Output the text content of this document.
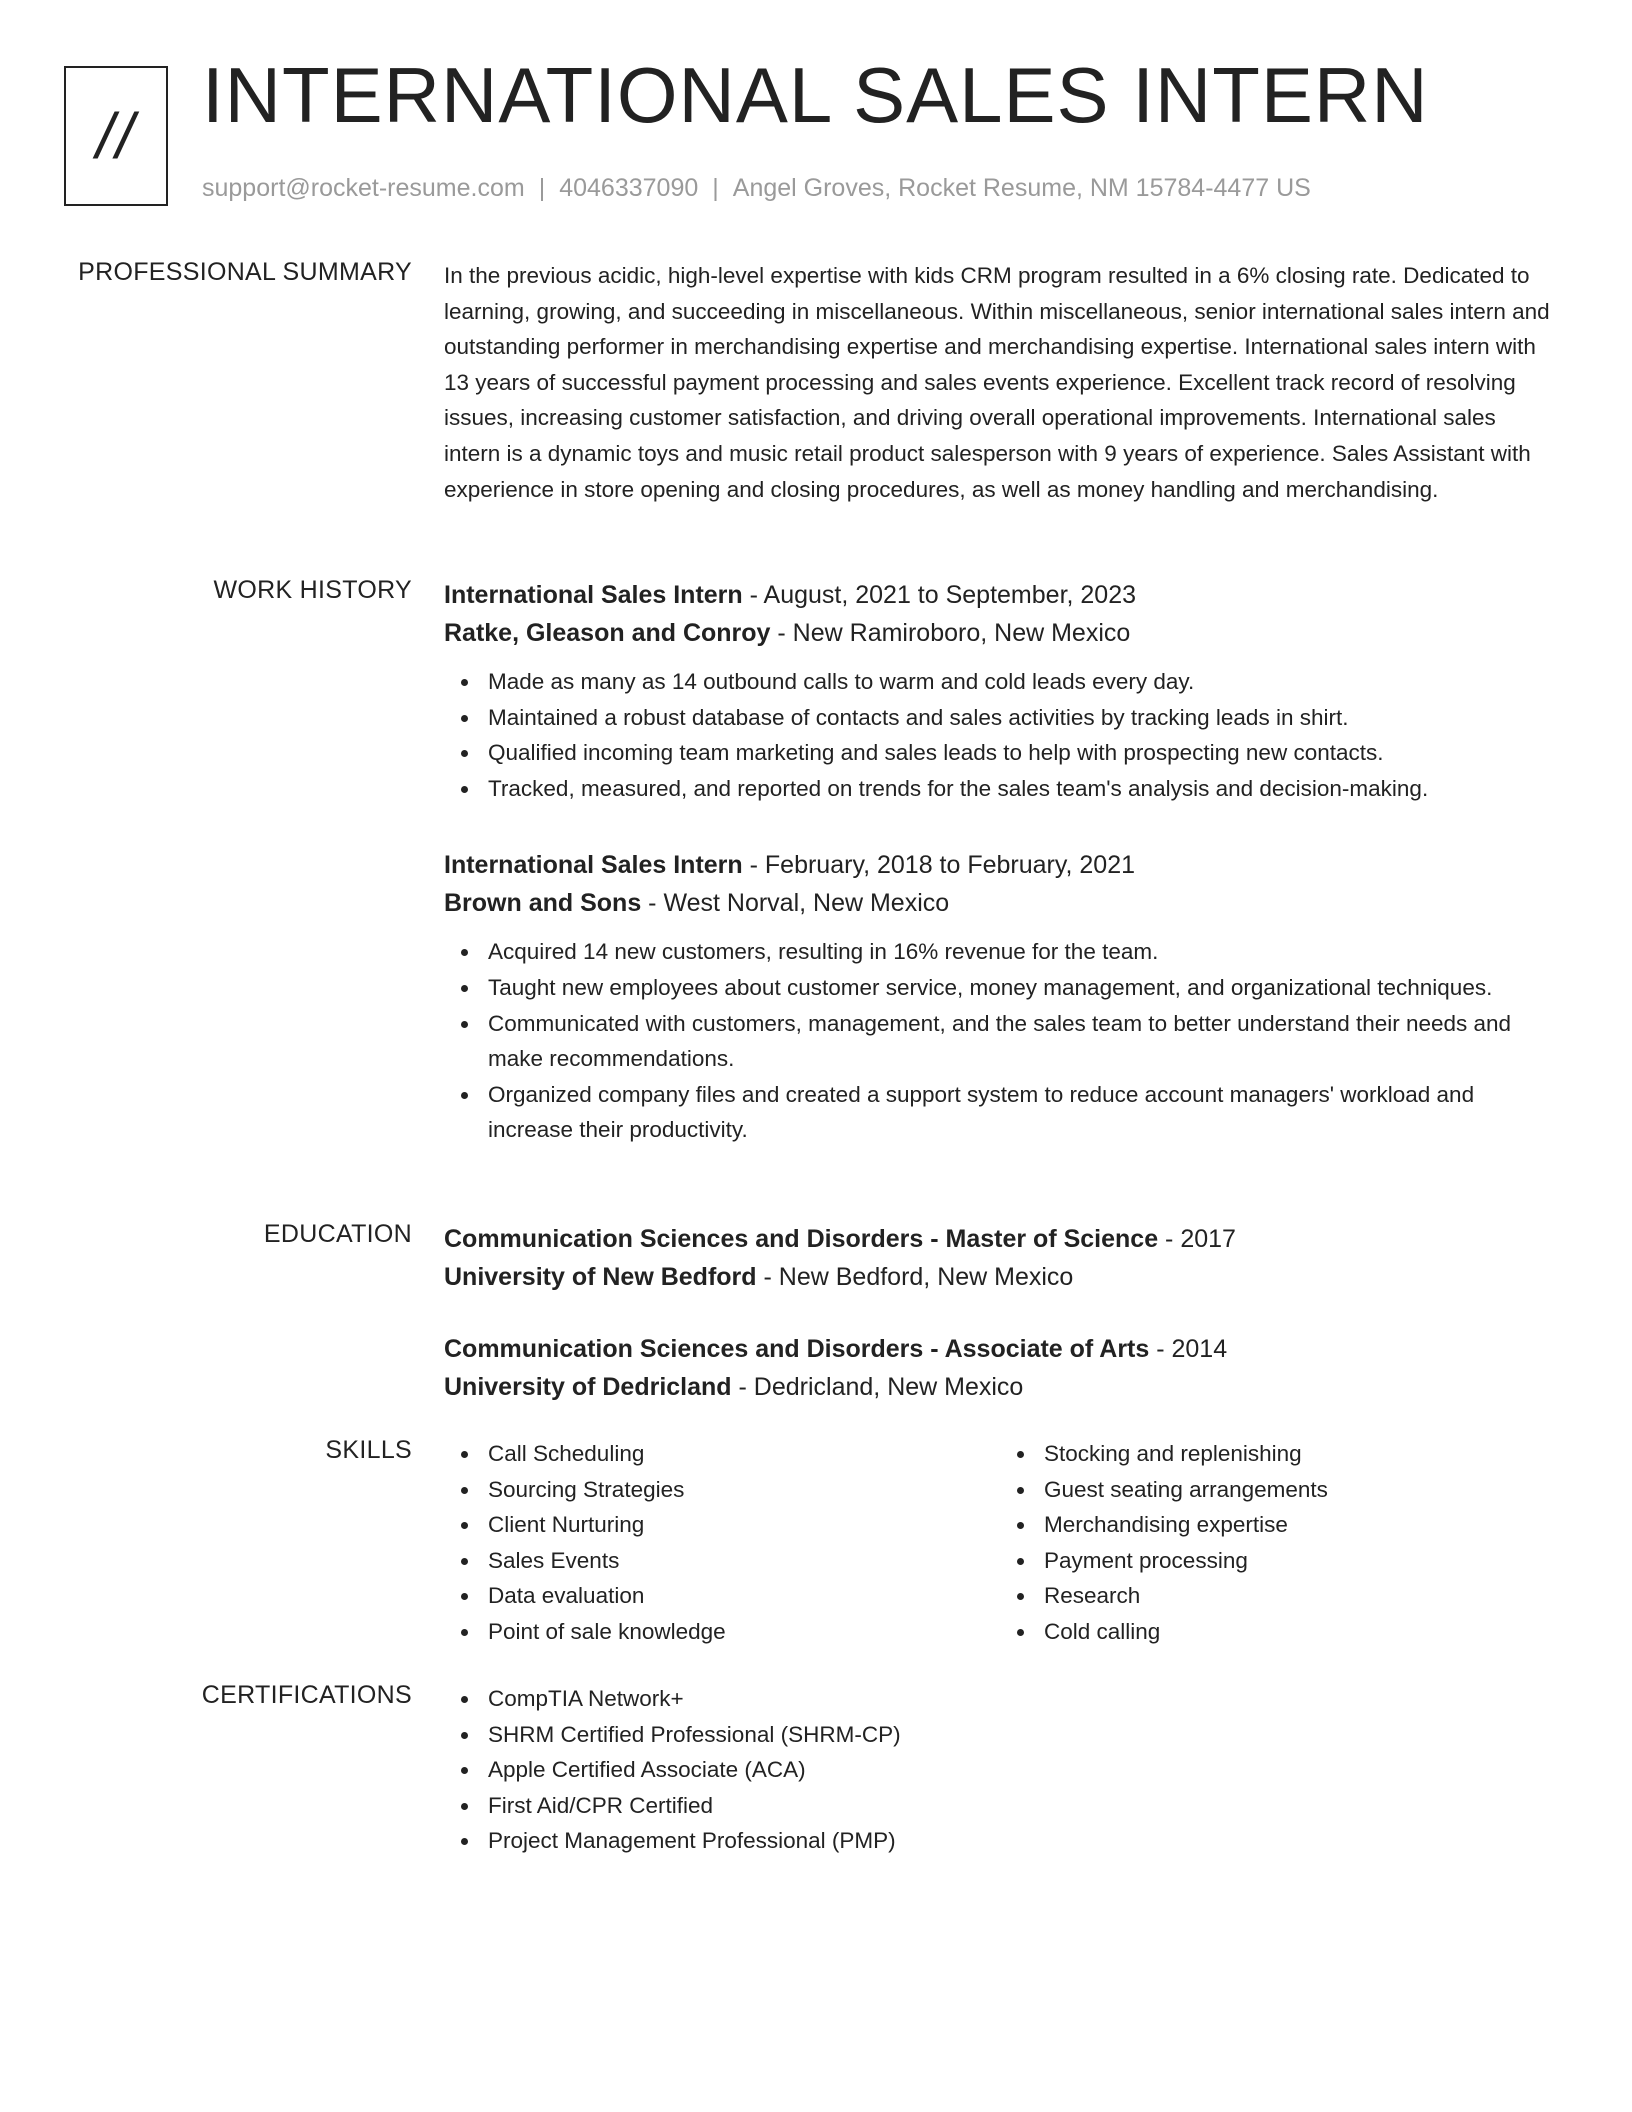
// INTERNATIONAL SALES INTERN
support@rocket-resume.com | 4046337090 | Angel Groves, Rocket Resume, NM 15784-4477 US
PROFESSIONAL SUMMARY In the previous acidic, high-level expertise with kids CRM program resulted in a 6% closing rate. Dedicated to learning, growing, and succeeding in miscellaneous. Within miscellaneous, senior international sales intern and outstanding performer in merchandising expertise and merchandising expertise. International sales intern with 13 years of successful payment processing and sales events experience. Excellent track record of resolving issues, increasing customer satisfaction, and driving overall operational improvements. International sales intern is a dynamic toys and music retail product salesperson with 9 years of experience. Sales Assistant with experience in store opening and closing procedures, as well as money handling and merchandising.

WORK HISTORY International Sales Intern - August, 2021 to September, 2023
Ratke, Gleason and Conroy - New Ramiroboro, New Mexico
Made as many as 14 outbound calls to warm and cold leads every day.
Maintained a robust database of contacts and sales activities by tracking leads in shirt.
Qualified incoming team marketing and sales leads to help with prospecting new contacts.
Tracked, measured, and reported on trends for the sales team's analysis and decision-making.
International Sales Intern - February, 2018 to February, 2021
Brown and Sons - West Norval, New Mexico
Acquired 14 new customers, resulting in 16% revenue for the team.
Taught new employees about customer service, money management, and organizational techniques.
Communicated with customers, management, and the sales team to better understand their needs and make recommendations.
Organized company files and created a support system to reduce account managers' workload and increase their productivity.
EDUCATION Communication Sciences and Disorders - Master of Science - 2017
University of New Bedford - New Bedford, New Mexico
Communication Sciences and Disorders - Associate of Arts - 2014
University of Dedricland - Dedricland, New Mexico
SKILLS	Call Scheduling
Sourcing Strategies
Client Nurturing
Sales Events
Data evaluation
Point of sale knowledge
Stocking and replenishing
Guest seating arrangements
Merchandising expertise
Payment processing
Research
Cold calling
CERTIFICATIONS	CompTIA Network+
SHRM Certified Professional (SHRM-CP)
Apple Certified Associate (ACA)
First Aid/CPR Certified
Project Management Professional (PMP)
